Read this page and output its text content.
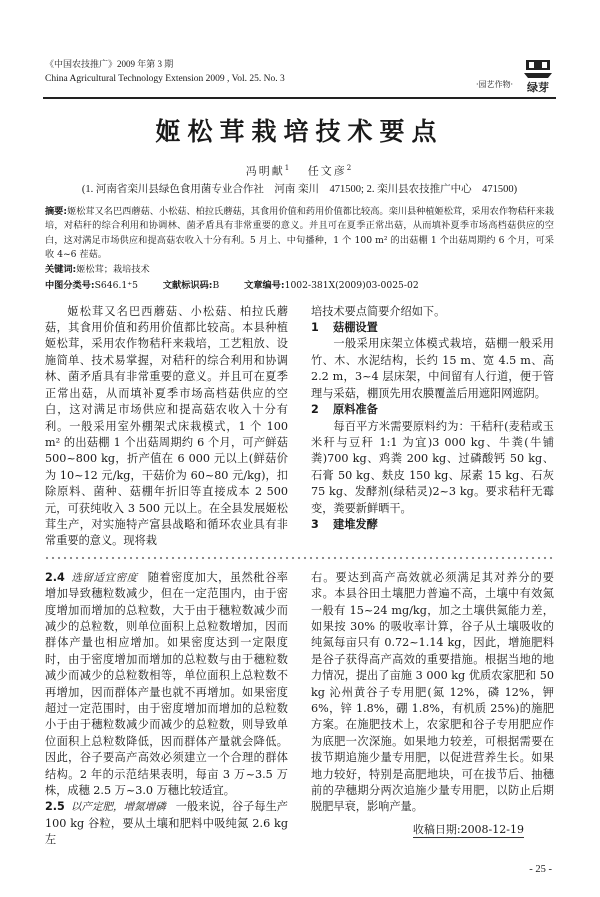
《中国农技推广》2009 年第 3 期
China Agricultural Technology Extension 2009 , Vol. 25. No. 3
·园艺作物· 绿芽
姬松茸栽培技术要点
冯明献$^1$ 任文彦$^2$
(1. 河南省栾川县绿色食用菌专业合作社　河南 栾川　471500; 2. 栾川县农技推广中心　471500)
摘要:姬松茸又名巴西蘑菇、小松菇、柏拉氏蘑菇，其食用价值和药用价值都比较高。栾川县种植姬松茸，采用农作物秸秆来栽培，对秸秆的综合利用和协调林、菌矛盾具有非常重要的意义。并且可在夏季正常出菇，从而填补夏季市场高档菇供应的空白，这对满足市场供应和提高菇农收入十分有利。5 月上、中旬播种，1 个 100 m² 的出菇棚 1 个出菇周期约 6 个月，可采收 4~6 茬菇。
关键词:姬松茸；栽培技术
中图分类号:S646.1⁺5	文献标识码:B	文章编号:1002-381X(2009)03-0025-02

姬松茸又名巴西蘑菇、小松菇、柏拉氏蘑菇，其食用价值和药用价值都比较高。本县种植姬松茸，采用农作物秸秆来栽培，工艺粗放、设施简单、技术易掌握，对秸秆的综合利用和协调林、菌矛盾具有非常重要的意义。并且可在夏季正常出菇，从而填补夏季市场高档菇供应的空白，这对满足市场供应和提高菇农收入十分有利。一般采用室外棚架式床栽模式，1 个 100 m² 的出菇棚 1 个出菇周期约 6 个月，可产鲜菇 500~800 kg，折产值在 6 000 元以上(鲜菇价为 10~12 元/kg，干菇价为 60~80 元/kg)，扣除原料、菌种、菇棚年折旧等直接成本 2 500 元，可获纯收入 3 500 元以上。在全县发展姬松茸生产，对实施特产富县战略和循环农业具有非常重要的意义。现将栽

培技术要点简要介绍如下。

1 菇棚设置

一般采用床架立体模式栽培，菇棚一般采用竹、木、水泥结构，长约 15 m、宽 4.5 m、高 2.2 m，3~4 层床架，中间留有人行道，便于管理与采菇，棚顶先用农膜覆盖后用遮阳网遮阴。

2 原料准备

每百平方米需要原料约为：干秸秆(麦秸或玉米秆与豆秆 1:1 为宜)3 000 kg、牛粪(牛铺粪)700 kg、鸡粪 200 kg、过磷酸钙 50 kg、石膏 50 kg、麸皮 150 kg、尿素 15 kg、石灰 75 kg、发酵剂(绿秸灵)2~3 kg。要求秸秆无霉变，粪要新鲜晒干。

3 建堆发酵

2.4 选留适宜密度 随着密度加大，虽然秕谷率增加导致穗粒数减少，但在一定范围内，由于密度增加而增加的总粒数，大于由于穗粒数减少而减少的总粒数，则单位面积上总粒数增加，因而群体产量也相应增加。如果密度达到一定限度时，由于密度增加而增加的总粒数与由于穗粒数减少而减少的总粒数相等，单位面积上总粒数不再增加，因而群体产量也就不再增加。如果密度超过一定范围时，由于密度增加而增加的总粒数小于由于穗粒数减少而减少的总粒数，则导致单位面积上总粒数降低，因而群体产量就会降低。因此，谷子要高产高效必须建立一个合理的群体结构。2 年的示范结果表明，每亩 3 万~3.5 万株，成穗 2.5 万~3.0 万穗比较适宜。

2.5 以产定肥，增氮增磷 一般来说，谷子每生产 100 kg 谷粒，要从土壤和肥料中吸纯氮 2.6 kg 左

右。要达到高产高效就必须满足其对养分的要求。本县谷田土壤肥力普遍不高，土壤中有效氮一般有 15~24 mg/kg，加之土壤供氮能力差，如果按 30% 的吸收率计算，谷子从土壤吸收的纯氮每亩只有 0.72~1.14 kg，因此，增施肥料是谷子获得高产高效的重要措施。根据当地的地力情况，提出了亩施 3 000 kg 优质农家肥和 50 kg 沁州黄谷子专用肥(氮 12%，磷 12%，钾 6%，锌 1.8%，硼 1.8%，有机质 25%)的施肥方案。在施肥技术上，农家肥和谷子专用肥应作为底肥一次深施。如果地力较差，可根据需要在拔节期追施少量专用肥，以促进营养生长。如果地力较好，特别是高肥地块，可在拔节后、抽穗前的孕穗期分两次追施少量专用肥，以防止后期脱肥早衰，影响产量。

收稿日期:2008-12-19
- 25 -
